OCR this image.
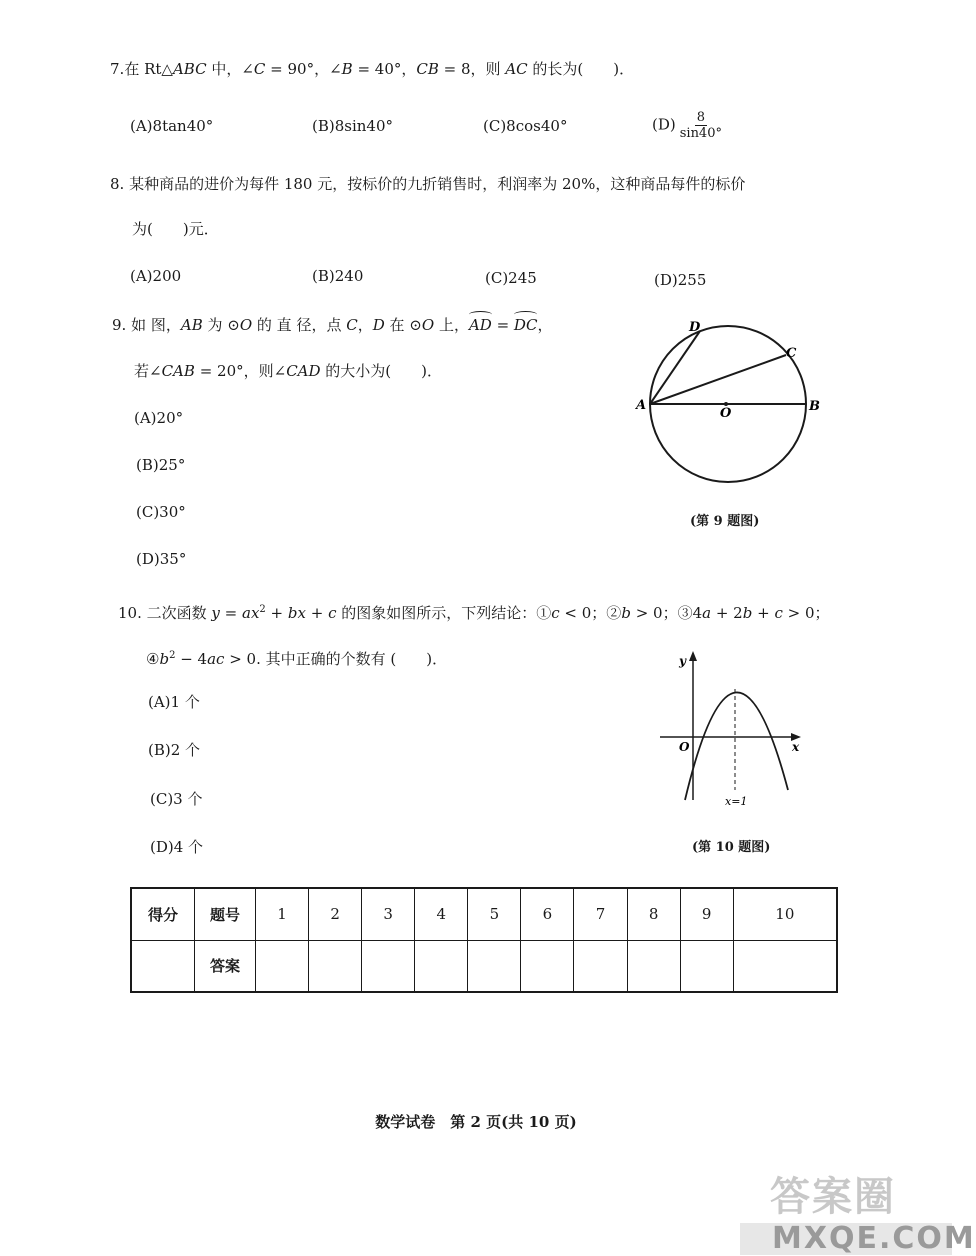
7.在 Rt△ABC 中，∠C = 90°，∠B = 40°，CB = 8，则 AC 的长为(　　)．
(A)8tan40°	(B)8sin40°	(C)8cos40°	$(D) \frac{8}{\sin 40^\circ}$
8. 某种商品的进价为每件 180 元，按标价的九折销售时，利润率为 20%，这种商品每件的标价
为(　　)元．
(A)200	(B)240	(C)245	(D)255
9. 如 图，AB 为 ⊙O 的 直 径，点 C，D 在 ⊙O 上，AD = DC，
若∠CAB = 20°，则∠CAD 的大小为(　　)．
(A)20°
(B)25°
(C)30°
(D)35°
A	B
C
D
O
(第 9 题图)
10. 二次函数 $y = ax^2$ + bx + c 的图象如图所示，下列结论：①c < 0；②b > 0；③4a + 2b + c > 0；
$④b^2 - 4ac > 0$. 其中正确的个数有 (　　)．
(A)1 个
(B)2 个
(C)3 个
(D)4 个
y
x
O
x=1
(第 10 题图)
得分	题号	1	2	3	4	5	6	7	8	9	10
	答案										
数学试卷　第 2 页(共 10 页)
答案圈
MXQE.COM
